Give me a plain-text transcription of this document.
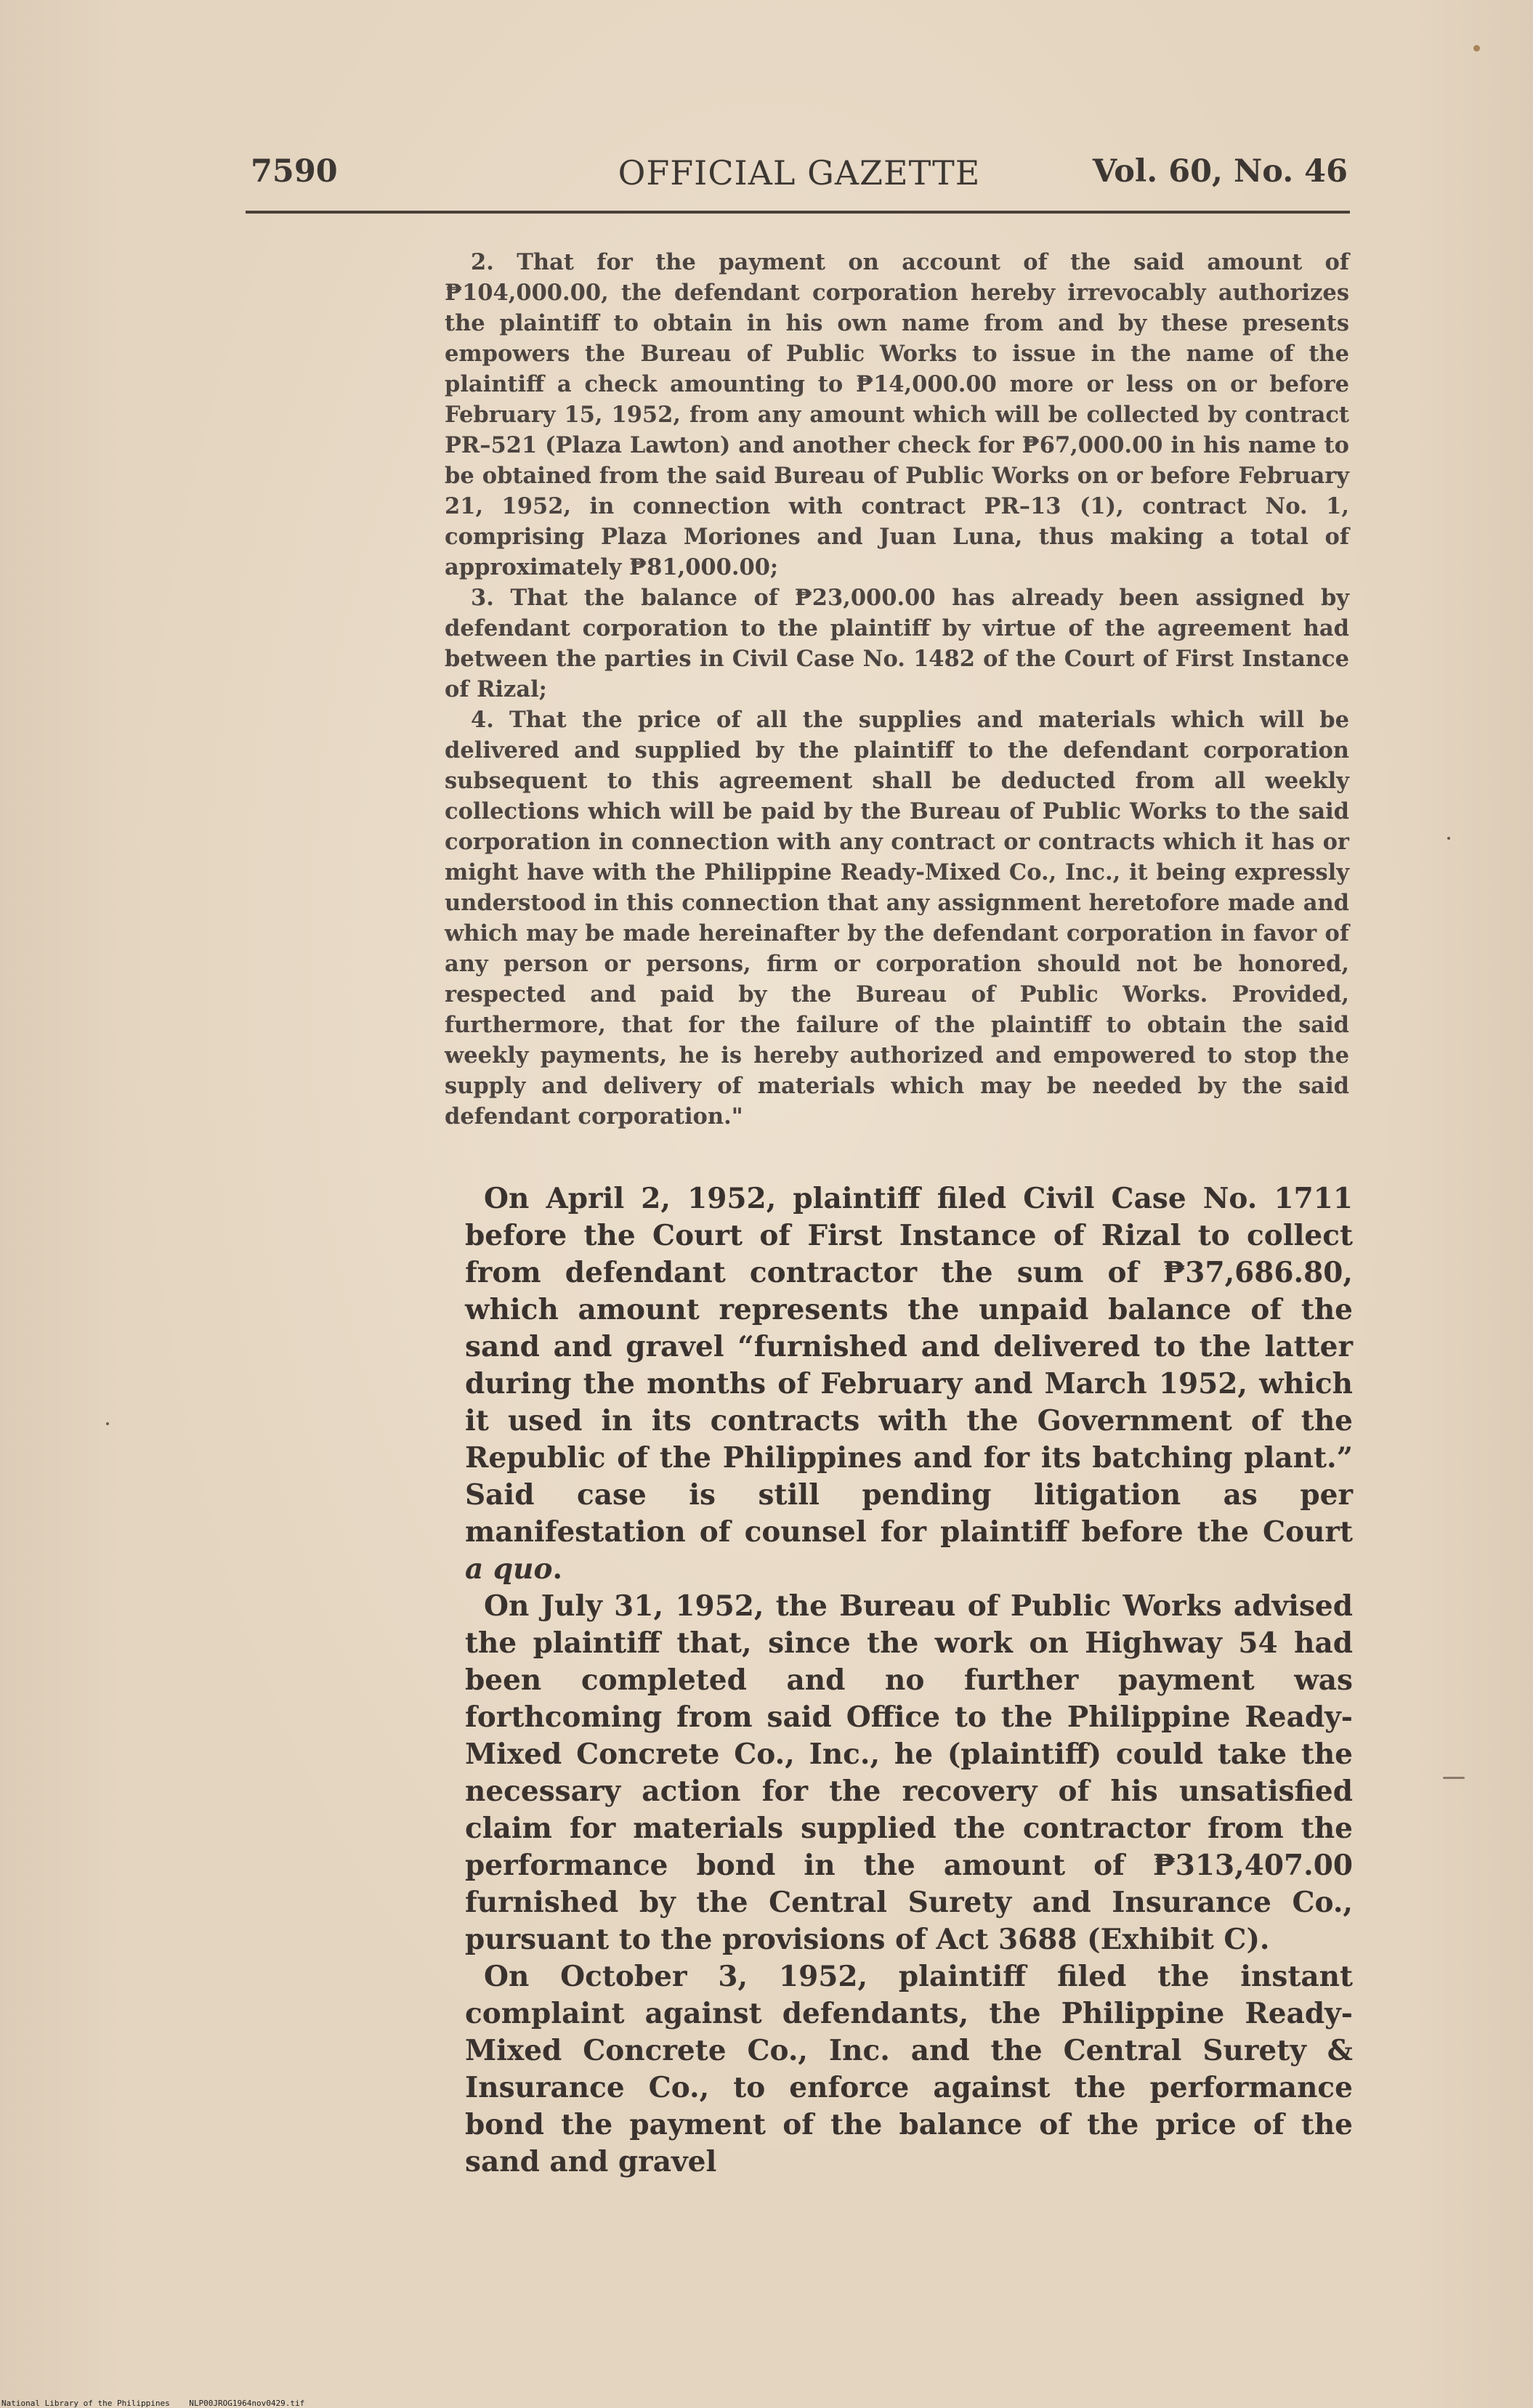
7590	OFFICIAL GAZETTE	Vol. 60, No. 46

2. That for the payment on account of the said amount of ₱104,000.00, the defendant corporation hereby irrevocably authorizes the plaintiff to obtain in his own name from and by these presents empowers the Bureau of Public Works to issue in the name of the plaintiff a check amounting to ₱14,000.00 more or less on or before February 15, 1952, from any amount which will be collected by contract PR–521 (Plaza Lawton) and another check for ₱67,000.00 in his name to be obtained from the said Bureau of Public Works on or before February 21, 1952, in connection with contract PR–13 (1), contract No. 1, comprising Plaza Moriones and Juan Luna, thus making a total of approximately ₱81,000.00;

3. That the balance of ₱23,000.00 has already been assigned by defendant corporation to the plaintiff by virtue of the agreement had between the parties in Civil Case No. 1482 of the Court of First Instance of Rizal;

4. That the price of all the supplies and materials which will be delivered and supplied by the plaintiff to the defendant corporation subsequent to this agreement shall be deducted from all weekly collections which will be paid by the Bureau of Public Works to the said corporation in connection with any contract or contracts which it has or might have with the Philippine Ready-Mixed Co., Inc., it being expressly understood in this connection that any assignment heretofore made and which may be made hereinafter by the defendant corporation in favor of any person or persons, firm or corporation should not be honored, respected and paid by the Bureau of Public Works. Provided, furthermore, that for the failure of the plaintiff to obtain the said weekly payments, he is hereby authorized and empowered to stop the supply and delivery of materials which may be needed by the said defendant corporation."

On April 2, 1952, plaintiff filed Civil Case No. 1711 before the Court of First Instance of Rizal to collect from defendant contractor the sum of ₱37,686.80, which amount represents the unpaid balance of the sand and gravel “furnished and delivered to the latter during the months of February and March 1952, which it used in its contracts with the Government of the Republic of the Philippines and for its batching plant.” Said case is still pending litigation as per manifestation of counsel for plaintiff before the Court a quo.

On July 31, 1952, the Bureau of Public Works advised the plaintiff that, since the work on Highway 54 had been completed and no further payment was forthcoming from said Office to the Philippine Ready-Mixed Concrete Co., Inc., he (plaintiff) could take the necessary action for the recovery of his unsatisfied claim for materials supplied the contractor from the performance bond in the amount of ₱313,407.00 furnished by the Central Surety and Insurance Co., pursuant to the provisions of Act 3688 (Exhibit C).

On October 3, 1952, plaintiff filed the instant complaint against defendants, the Philippine Ready-Mixed Concrete Co., Inc. and the Central Surety & Insurance Co., to enforce against the performance bond the payment of the balance of the price of the sand and gravel

National Library of the Philippines    NLP00JROG1964nov0429.tif
